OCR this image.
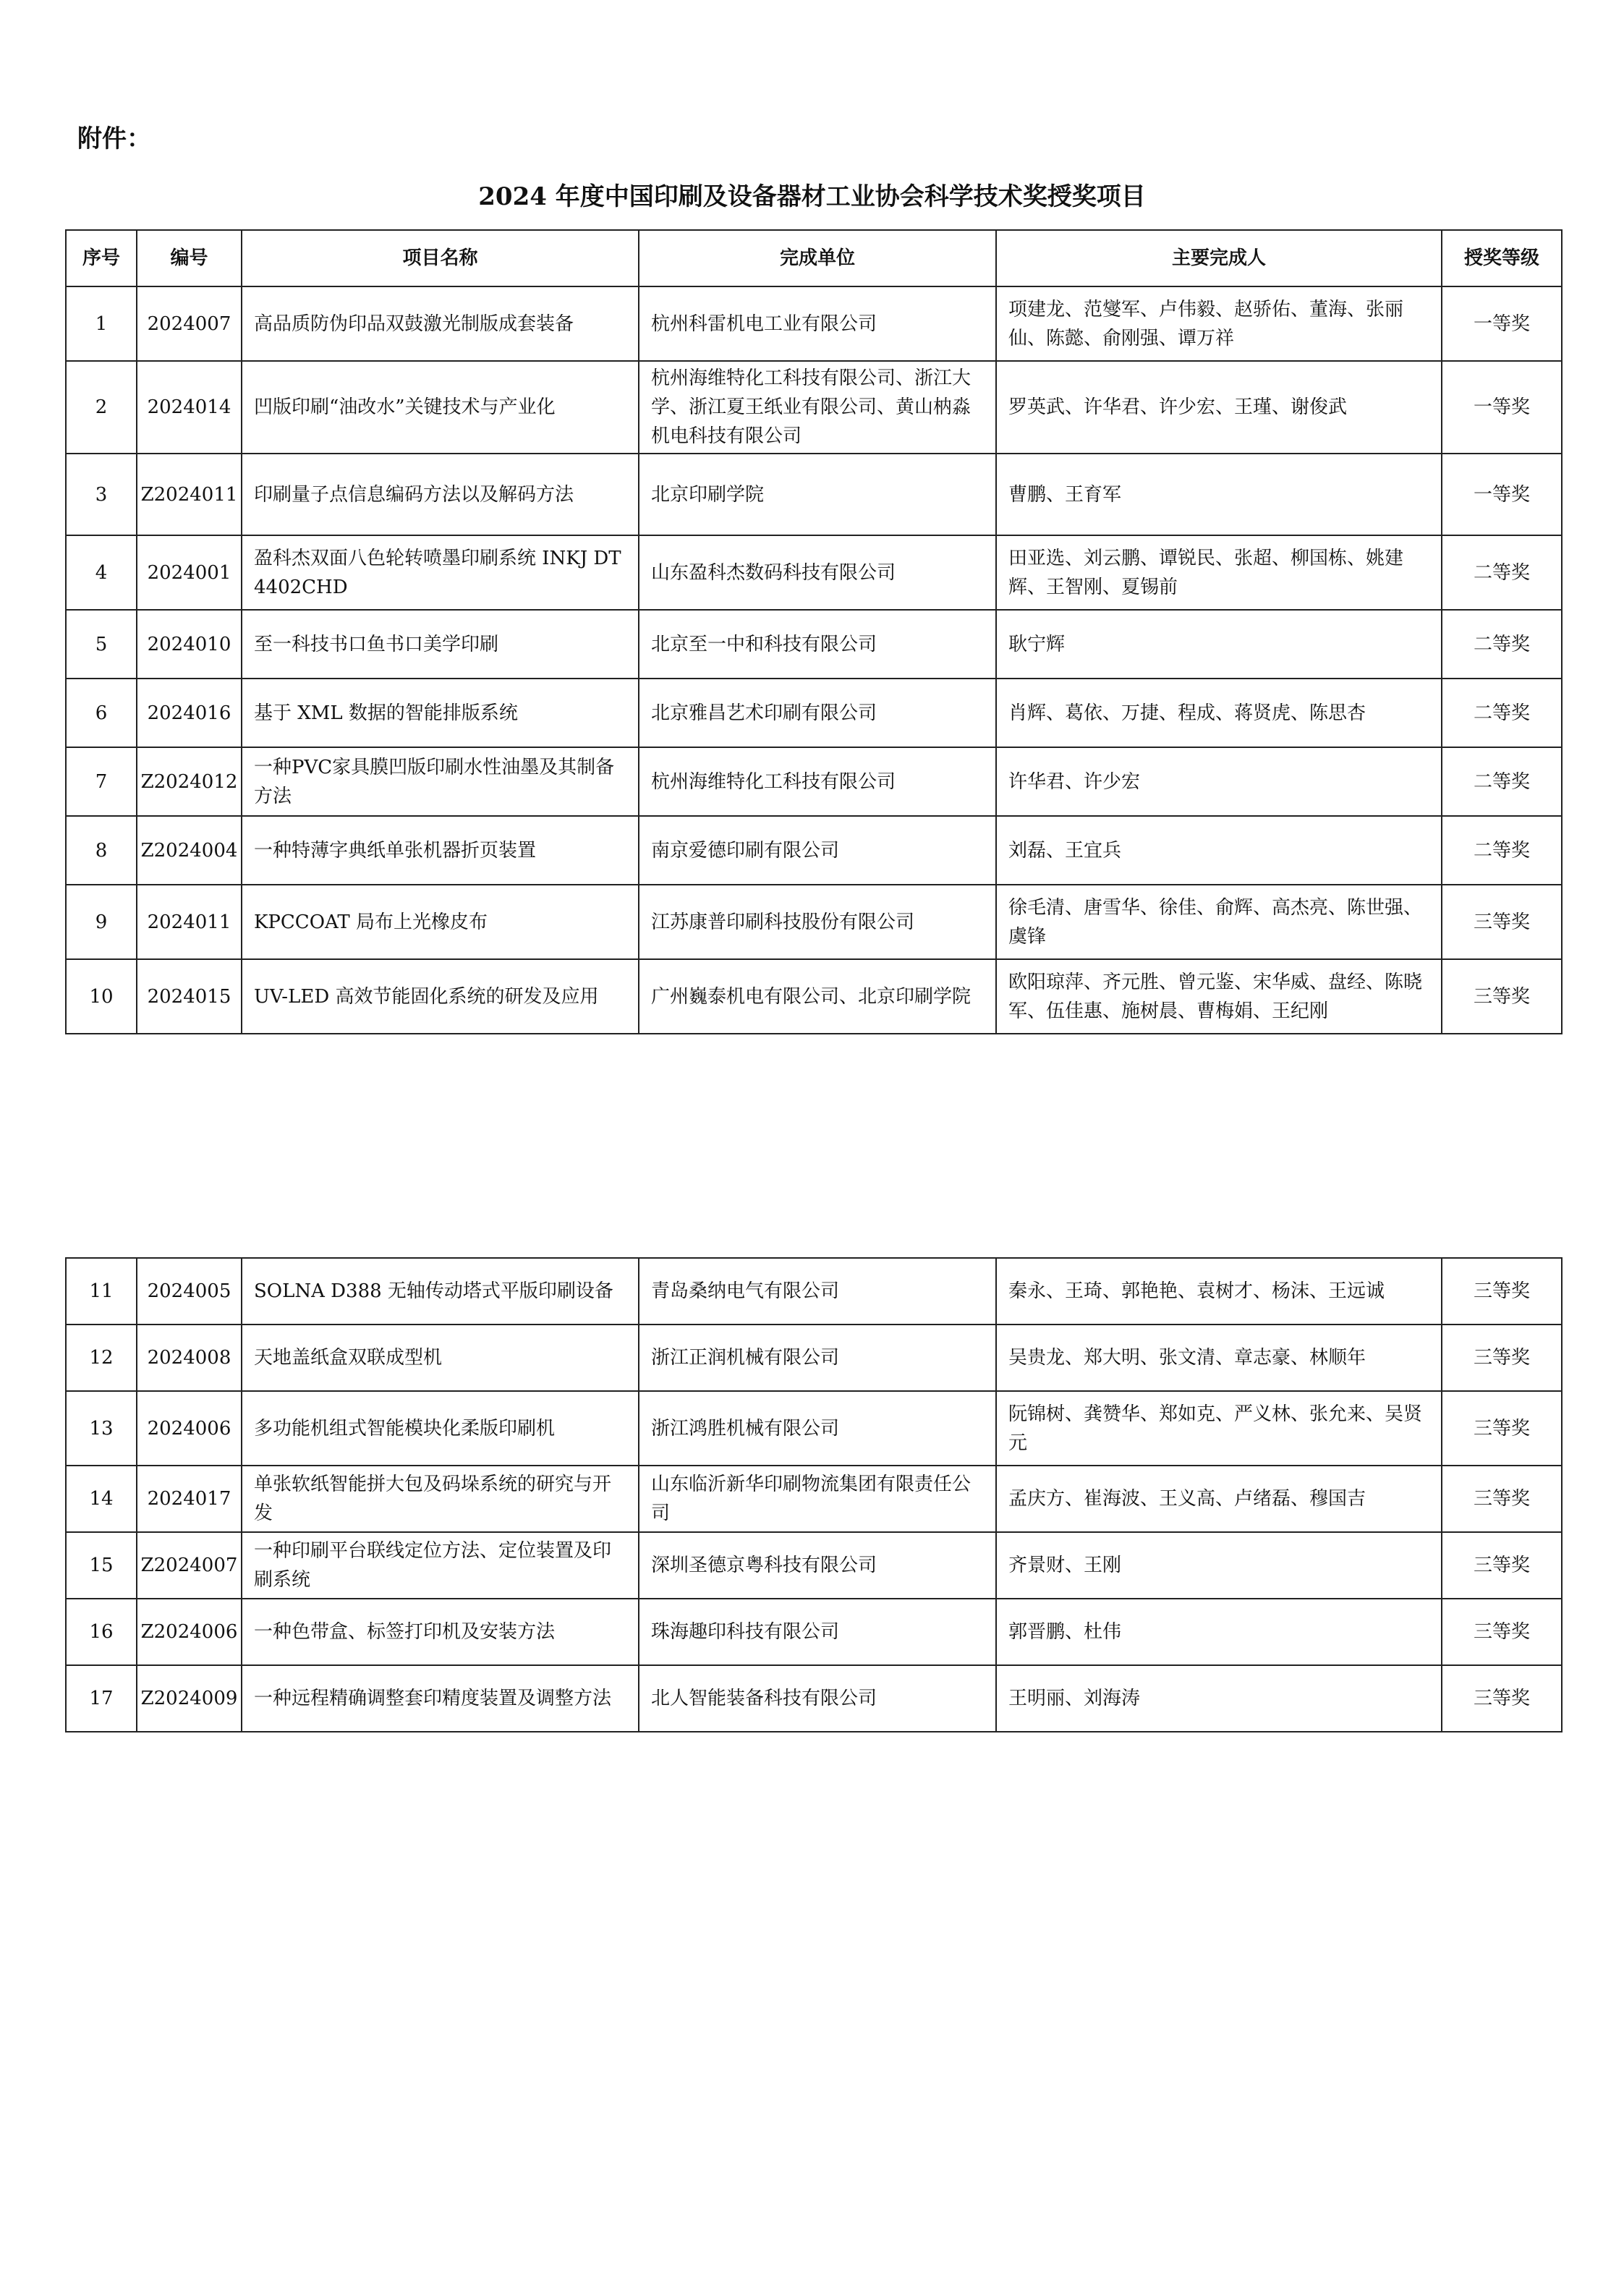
附件：
2024 年度中国印刷及设备器材工业协会科学技术奖授奖项目
序号	编号	项目名称	完成单位	主要完成人	授奖等级
1	2024007	高品质防伪印品双鼓激光制版成套装备	杭州科雷机电工业有限公司	项建龙、范燮军、卢伟毅、赵骄佑、董海、张丽仙、陈懿、俞刚强、谭万祥	一等奖
2	2024014	凹版印刷“油改水”关键技术与产业化	杭州海维特化工科技有限公司、浙江大学、浙江夏王纸业有限公司、黄山枘淼机电科技有限公司	罗英武、许华君、许少宏、王瑾、谢俊武	一等奖
3	Z2024011	印刷量子点信息编码方法以及解码方法	北京印刷学院	曹鹏、王育军	一等奖
4	2024001	盈科杰双面八色轮转喷墨印刷系统 INKJ DT4402CHD	山东盈科杰数码科技有限公司	田亚选、刘云鹏、谭锐民、张超、柳国栋、姚建辉、王智刚、夏锡前	二等奖
5	2024010	至一科技书口鱼书口美学印刷	北京至一中和科技有限公司	耿宁辉	二等奖
6	2024016	基于 XML 数据的智能排版系统	北京雅昌艺术印刷有限公司	肖辉、葛依、万捷、程成、蒋贤虎、陈思杏	二等奖
7	Z2024012	一种PVC家具膜凹版印刷水性油墨及其制备方法	杭州海维特化工科技有限公司	许华君、许少宏	二等奖
8	Z2024004	一种特薄字典纸单张机器折页装置	南京爱德印刷有限公司	刘磊、王宜兵	二等奖
9	2024011	KPCCOAT 局布上光橡皮布	江苏康普印刷科技股份有限公司	徐毛清、唐雪华、徐佳、俞辉、高杰亮、陈世强、虞锋	三等奖
10	2024015	UV-LED 高效节能固化系统的研发及应用	广州巍泰机电有限公司、北京印刷学院	欧阳琼萍、齐元胜、曾元鉴、宋华威、盘经、陈晓军、伍佳惠、施树晨、曹梅娟、王纪刚	三等奖
11	2024005	SOLNA D388 无轴传动塔式平版印刷设备	青岛桑纳电气有限公司	秦永、王琦、郭艳艳、袁树才、杨沫、王远诚	三等奖
12	2024008	天地盖纸盒双联成型机	浙江正润机械有限公司	吴贵龙、郑大明、张文清、章志豪、林顺年	三等奖
13	2024006	多功能机组式智能模块化柔版印刷机	浙江鸿胜机械有限公司	阮锦树、龚赞华、郑如克、严义林、张允来、吴贤元	三等奖
14	2024017	单张软纸智能拼大包及码垛系统的研究与开发	山东临沂新华印刷物流集团有限责任公司	孟庆方、崔海波、王义高、卢绪磊、穆国吉	三等奖
15	Z2024007	一种印刷平台联线定位方法、定位装置及印刷系统	深圳圣德京粤科技有限公司	齐景财、王刚	三等奖
16	Z2024006	一种色带盒、标签打印机及安装方法	珠海趣印科技有限公司	郭晋鹏、杜伟	三等奖
17	Z2024009	一种远程精确调整套印精度装置及调整方法	北人智能装备科技有限公司	王明丽、刘海涛	三等奖
